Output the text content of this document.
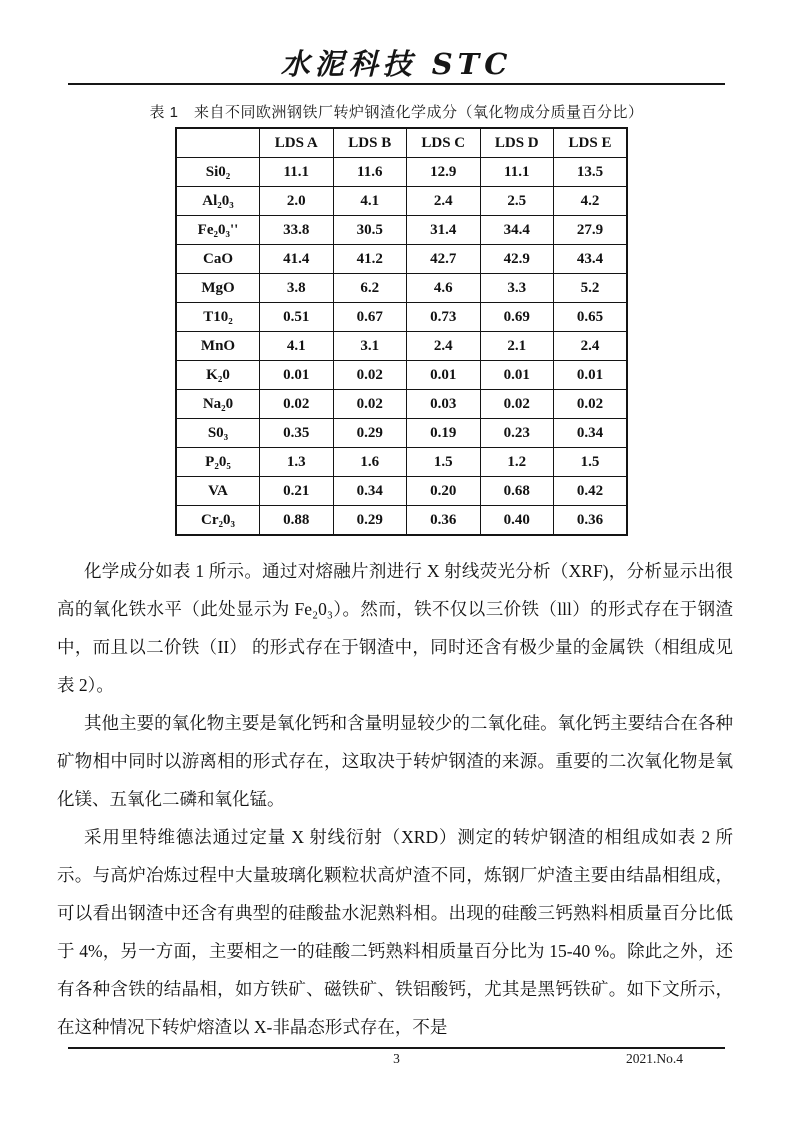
水泥科技 STC
表 1　来自不同欧洲钢铁厂转炉钢渣化学成分（氧化物成分质量百分比）
	LDS A	LDS B	LDS C	LDS D	LDS E
Si0₂	11.1	11.6	12.9	11.1	13.5
Al₂0₃	2.0	4.1	2.4	2.5	4.2
Fe₂0₃''	33.8	30.5	31.4	34.4	27.9
CaO	41.4	41.2	42.7	42.9	43.4
MgO	3.8	6.2	4.6	3.3	5.2
T10₂	0.51	0.67	0.73	0.69	0.65
MnO	4.1	3.1	2.4	2.1	2.4
K₂0	0.01	0.02	0.01	0.01	0.01
Na₂0	0.02	0.02	0.03	0.02	0.02
S0₃	0.35	0.29	0.19	0.23	0.34
P₂0₅	1.3	1.6	1.5	1.2	1.5
VA	0.21	0.34	0.20	0.68	0.42
Cr₂0₃	0.88	0.29	0.36	0.40	0.36

化学成分如表 1 所示。通过对熔融片剂进行 X 射线荧光分析（XRF)，分析显示出很高的氧化铁水平（此处显示为 Fe₂0₃）。然而，铁不仅以三价铁（lll）的形式存在于钢渣中，而且以二价铁（II） 的形式存在于钢渣中，同时还含有极少量的金属铁（相组成见表 2）。

其他主要的氧化物主要是氧化钙和含量明显较少的二氧化硅。氧化钙主要结合在各种矿物相中同时以游离相的形式存在，这取决于转炉钢渣的来源。重要的二次氧化物是氧化镁、五氧化二磷和氧化锰。

采用里特维德法通过定量 X 射线衍射（XRD）测定的转炉钢渣的相组成如表 2 所示。与高炉冶炼过程中大量玻璃化颗粒状高炉渣不同，炼钢厂炉渣主要由结晶相组成，可以看出钢渣中还含有典型的硅酸盐水泥熟料相。出现的硅酸三钙熟料相质量百分比低于 4%，另一方面，主要相之一的硅酸二钙熟料相质量百分比为 15-40 %。除此之外，还有各种含铁的结晶相，如方铁矿、磁铁矿、铁铝酸钙，尤其是黑钙铁矿。如下文所示，在这种情况下转炉熔渣以 X-非晶态形式存在，不是

3	2021.No.4
